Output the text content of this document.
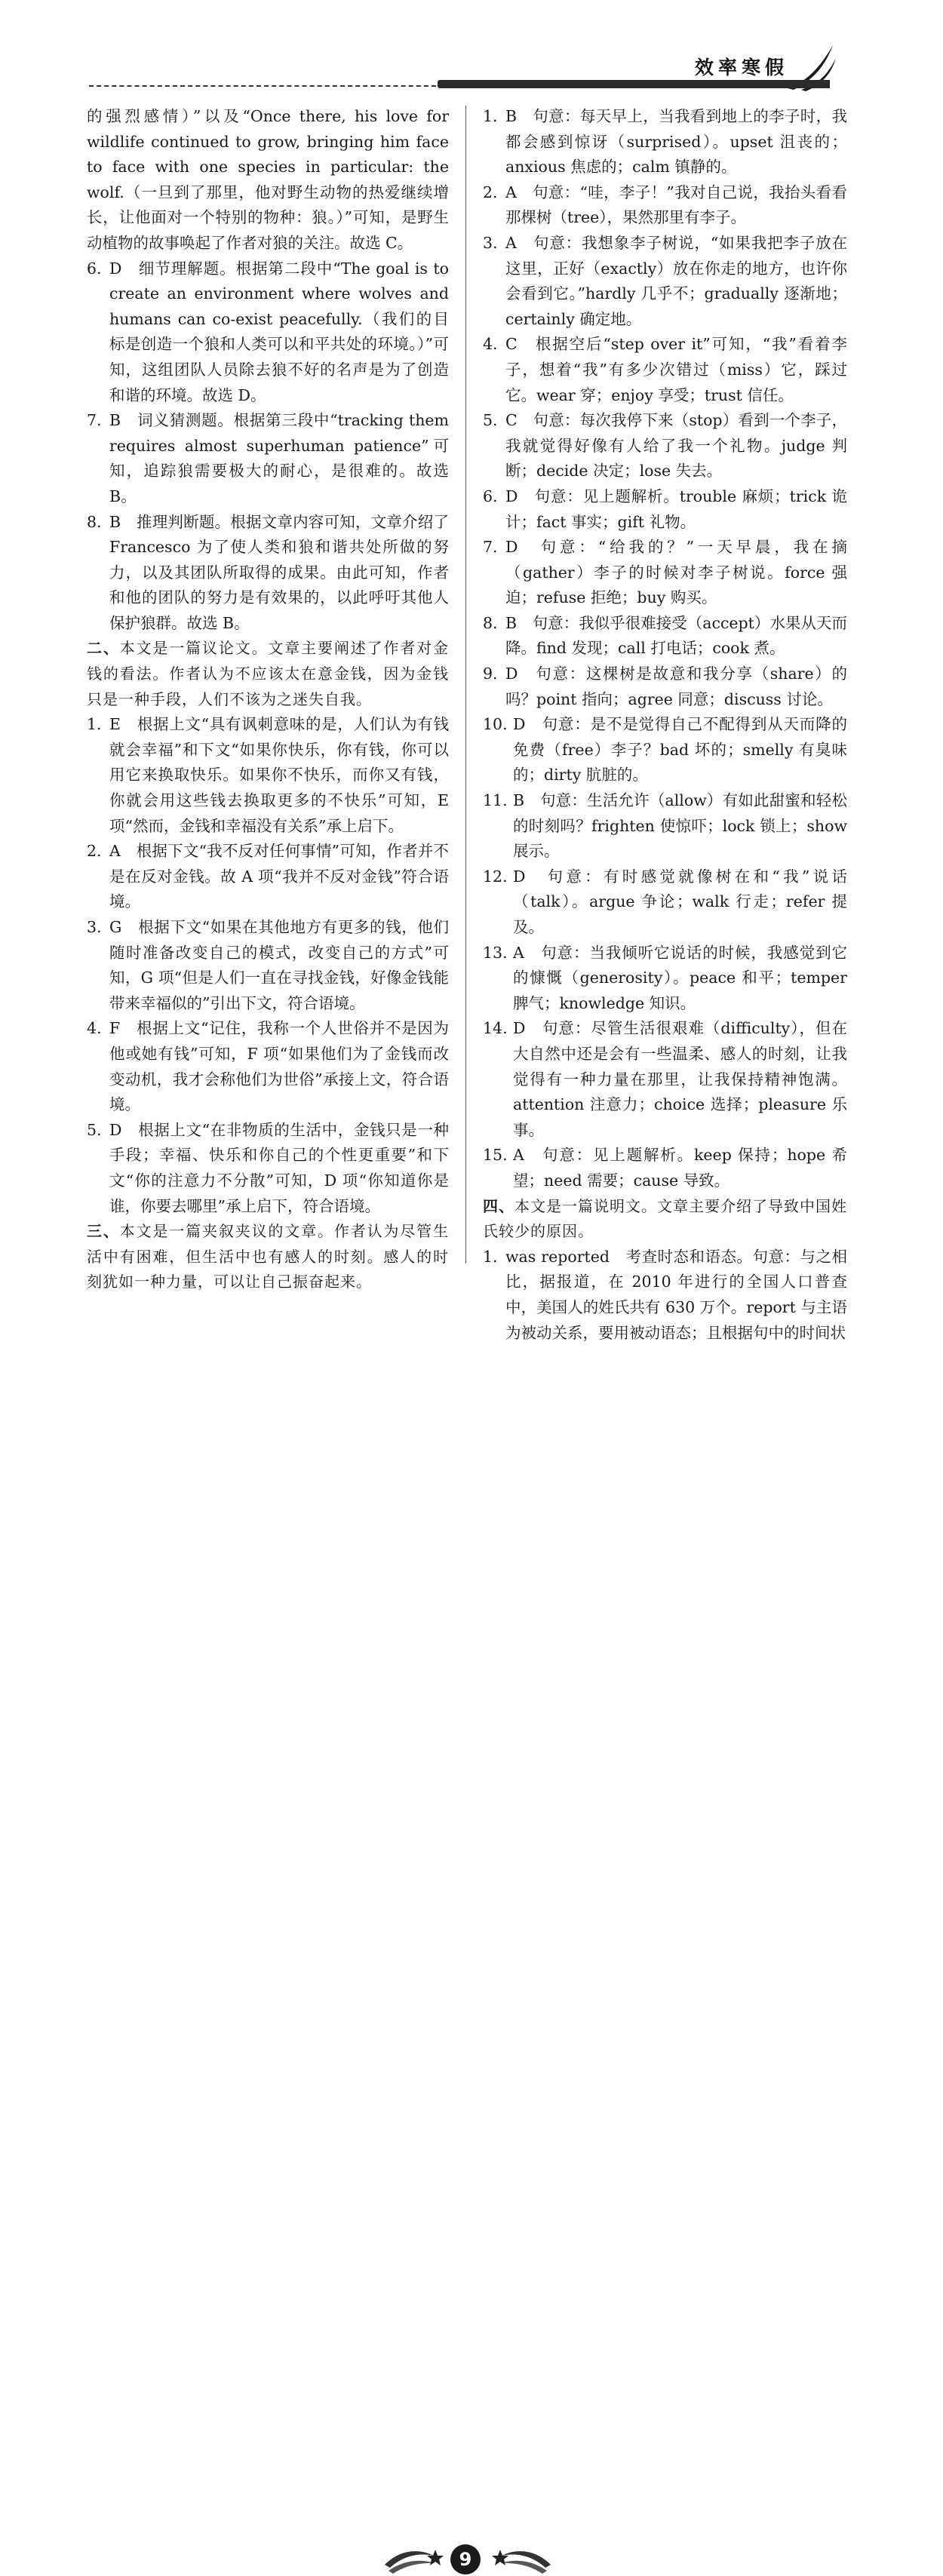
效率寒假
的强烈感情）”以及“Once there, his love for wildlife continued to grow, bringing him face to face with one species in particular: the wolf.（一旦到了那里，他对野生动物的热爱继续增长，让他面对一个特别的物种：狼。）”可知，是野生动植物的故事唤起了作者对狼的关注。故选 C。
6. D　细节理解题。根据第二段中“The goal is to create an environment where wolves and humans can co-exist peacefully.（我们的目标是创造一个狼和人类可以和平共处的环境。）”可知，这组团队人员除去狼不好的名声是为了创造和谐的环境。故选 D。
7. B　词义猜测题。根据第三段中“tracking them requires almost superhuman patience”可知，追踪狼需要极大的耐心，是很难的。故选 B。
8. B　推理判断题。根据文章内容可知，文章介绍了 Francesco 为了使人类和狼和谐共处所做的努力，以及其团队所取得的成果。由此可知，作者和他的团队的努力是有效果的，以此呼吁其他人保护狼群。故选 B。
二、本文是一篇议论文。文章主要阐述了作者对金钱的看法。作者认为不应该太在意金钱，因为金钱只是一种手段，人们不该为之迷失自我。
1. E　根据上文“具有讽刺意味的是，人们认为有钱就会幸福”和下文“如果你快乐，你有钱，你可以用它来换取快乐。如果你不快乐，而你又有钱，你就会用这些钱去换取更多的不快乐”可知，E 项“然而，金钱和幸福没有关系”承上启下。
2. A　根据下文“我不反对任何事情”可知，作者并不是在反对金钱。故 A 项“我并不反对金钱”符合语境。
3. G　根据下文“如果在其他地方有更多的钱，他们随时准备改变自己的模式，改变自己的方式”可知，G 项“但是人们一直在寻找金钱，好像金钱能带来幸福似的”引出下文，符合语境。
4. F　根据上文“记住，我称一个人世俗并不是因为他或她有钱”可知，F 项“如果他们为了金钱而改变动机，我才会称他们为世俗”承接上文，符合语境。
5. D　根据上文“在非物质的生活中，金钱只是一种手段；幸福、快乐和你自己的个性更重要”和下文“你的注意力不分散”可知，D 项“你知道你是谁，你要去哪里”承上启下，符合语境。
三、本文是一篇夹叙夹议的文章。作者认为尽管生活中有困难，但生活中也有感人的时刻。感人的时刻犹如一种力量，可以让自己振奋起来。
1. B　句意：每天早上，当我看到地上的李子时，我都会感到惊讶（surprised）。upset 沮丧的；anxious 焦虑的；calm 镇静的。
2. A　句意：“哇，李子！”我对自己说，我抬头看看那棵树（tree），果然那里有李子。
3. A　句意：我想象李子树说，“如果我把李子放在这里，正好（exactly）放在你走的地方，也许你会看到它。”hardly 几乎不；gradually 逐渐地；certainly 确定地。
4. C　根据空后“step over it”可知，“我”看着李子，想着“我”有多少次错过（miss）它，踩过它。wear 穿；enjoy 享受；trust 信任。
5. C　句意：每次我停下来（stop）看到一个李子，我就觉得好像有人给了我一个礼物。judge 判断；decide 决定；lose 失去。
6. D　句意：见上题解析。trouble 麻烦；trick 诡计；fact 事实；gift 礼物。
7. D　句意：“给我的？”一天早晨，我在摘（gather）李子的时候对李子树说。force 强迫；refuse 拒绝；buy 购买。
8. B　句意：我似乎很难接受（accept）水果从天而降。find 发现；call 打电话；cook 煮。
9. D　句意：这棵树是故意和我分享（share）的吗？point 指向；agree 同意；discuss 讨论。
10. D　句意：是不是觉得自己不配得到从天而降的免费（free）李子？bad 坏的；smelly 有臭味的；dirty 肮脏的。
11. B　句意：生活允许（allow）有如此甜蜜和轻松的时刻吗？frighten 使惊吓；lock 锁上；show 展示。
12. D　句意：有时感觉就像树在和“我”说话（talk）。argue 争论；walk 行走；refer 提及。
13. A　句意：当我倾听它说话的时候，我感觉到它的慷慨（generosity）。peace 和平；temper 脾气；knowledge 知识。
14. D　句意：尽管生活很艰难（difficulty），但在大自然中还是会有一些温柔、感人的时刻，让我觉得有一种力量在那里，让我保持精神饱满。attention 注意力；choice 选择；pleasure 乐事。
15. A　句意：见上题解析。keep 保持；hope 希望；need 需要；cause 导致。
四、本文是一篇说明文。文章主要介绍了导致中国姓氏较少的原因。
1. was reported　考查时态和语态。句意：与之相比，据报道，在 2010 年进行的全国人口普查中，美国人的姓氏共有 630 万个。report 与主语为被动关系，要用被动语态；且根据句中的时间状
9
